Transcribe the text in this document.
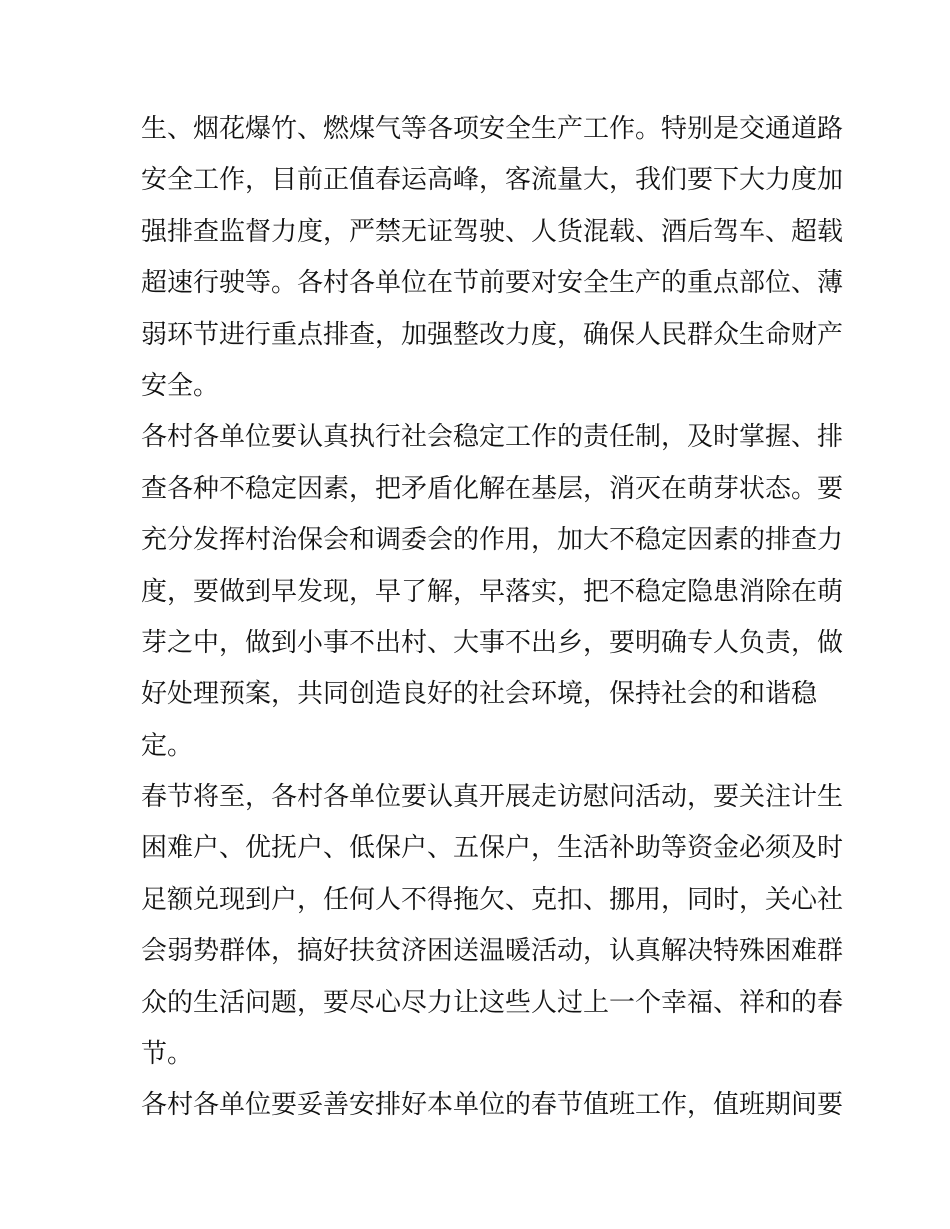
生、烟花爆竹、燃煤气等各项安全生产工作。特别是交通道路
安全工作，目前正值春运高峰，客流量大，我们要下大力度加
强排查监督力度，严禁无证驾驶、人货混载、酒后驾车、超载
超速行驶等。各村各单位在节前要对安全生产的重点部位、薄
弱环节进行重点排查，加强整改力度，确保人民群众生命财产
安全。
各村各单位要认真执行社会稳定工作的责任制，及时掌握、排
查各种不稳定因素，把矛盾化解在基层，消灭在萌芽状态。要
充分发挥村治保会和调委会的作用，加大不稳定因素的排查力
度，要做到早发现，早了解，早落实，把不稳定隐患消除在萌
芽之中，做到小事不出村、大事不出乡，要明确专人负责，做
好处理预案，共同创造良好的社会环境，保持社会的和谐稳
定。
春节将至，各村各单位要认真开展走访慰问活动，要关注计生
困难户、优抚户、低保户、五保户，生活补助等资金必须及时
足额兑现到户，任何人不得拖欠、克扣、挪用，同时，关心社
会弱势群体，搞好扶贫济困送温暖活动，认真解决特殊困难群
众的生活问题，要尽心尽力让这些人过上一个幸福、祥和的春
节。
各村各单位要妥善安排好本单位的春节值班工作，值班期间要
